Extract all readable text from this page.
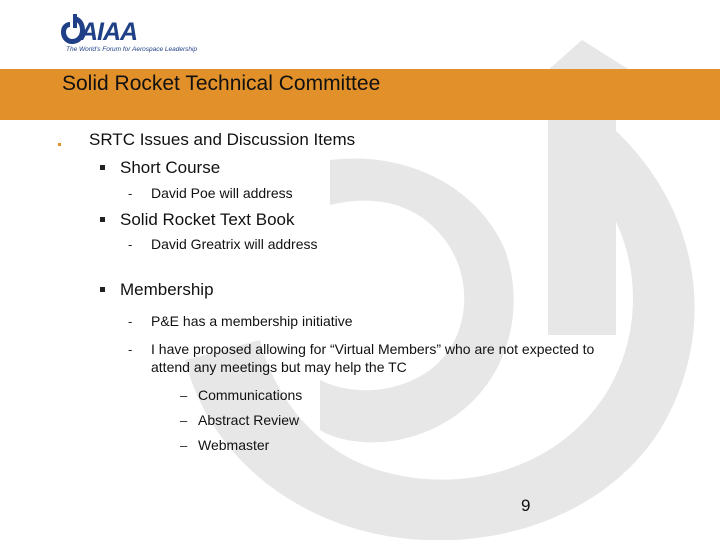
AIAA
The World's Forum for Aerospace Leadership
Solid Rocket Technical Committee
SRTC Issues and Discussion Items
Short Course
- David Poe will address
Solid Rocket Text Book
- David Greatrix will address
Membership
- P&E has a membership initiative
- I have proposed allowing for “Virtual Members” who are not expected to
attend any meetings but may help the TC
– Communications
– Abstract Review
– Webmaster
9
